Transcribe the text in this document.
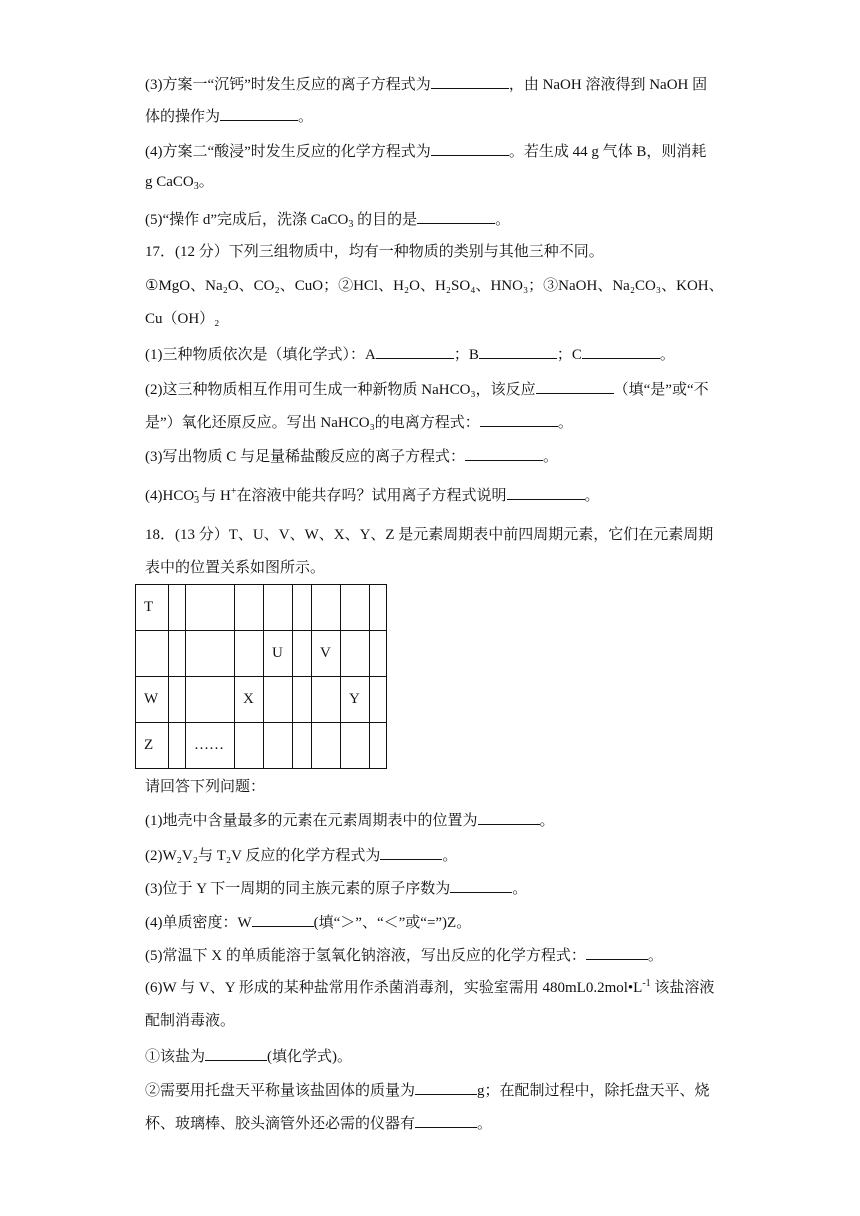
(3)方案一“沉钙”时发生反应的离子方程式为	，由 NaOH 溶液得到 NaOH 固
体的操作为	。
(4)方案二“酸浸”时发生反应的化学方程式为	。若生成 44 g 气体 B，则消耗
g CaCO$_3$。
(5)“操作 d”完成后，洗涤 CaCO$_3$ 的目的是	。
17．(12 分）下列三组物质中，均有一种物质的类别与其他三种不同。
①MgO、Na₂O、CO₂、CuO；②HCl、H₂O、H₂SO₄、HNO₃；③NaOH、Na₂CO₃、KOH、
Cu（OH）₂
(1)三种物质依次是（填化学式）：A	；B	；C	。
(2)这三种物质相互作用可生成一种新物质 NaHCO₃，该反应	（填“是”或“不
是”）氧化还原反应。写出 NaHCO₃的电离方程式：	。
(3)写出物质 C 与足量稀盐酸反应的离子方程式：	。
$(4)HCO_3^-$ 与 H+在溶液中能共存吗？试用离子方程式说明	。
18．(13 分）T、U、V、W、X、Y、Z 是元素周期表中前四周期元素，它们在元素周期
表中的位置关系如图所示。
T								
				U		V		
W			X				Y	
Z		……						
请回答下列问题：
(1)地壳中含量最多的元素在元素周期表中的位置为	。
(2)W₂V₂与 T₂V 反应的化学方程式为	。
(3)位于 Y 下一周期的同主族元素的原子序数为	。
(4)单质密度：W	(填“＞”、“＜”或“=”)Z。
(5)常温下 X 的单质能溶于氢氧化钠溶液，写出反应的化学方程式：	。
(6)W 与 V、Y 形成的某种盐常用作杀菌消毒剂，实验室需用 $480mL0.2mol•L^{-1}$ 该盐溶液
配制消毒液。
①该盐为	(填化学式)。
②需要用托盘天平称量该盐固体的质量为	g；在配制过程中，除托盘天平、烧
杯、玻璃棒、胶头滴管外还必需的仪器有	。
